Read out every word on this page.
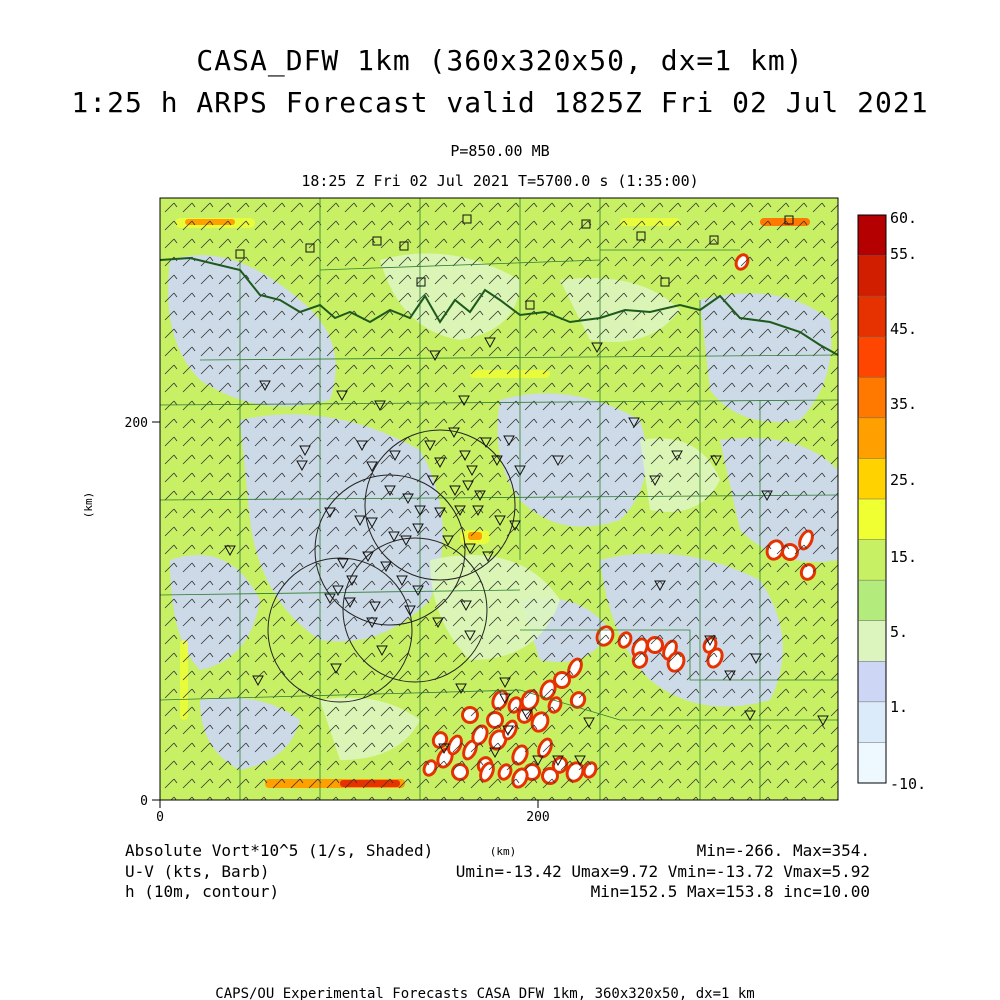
CASA_DFW 1km (360x320x50, dx=1 km)
1:25 h ARPS Forecast valid 1825Z Fri 02 Jul 2021
P=850.00 MB
18:25 Z Fri 02 Jul 2021 T=5700.0 s (1:35:00)
0	200
0
200
(km)
60.
55.
45.
35.
25.
15.
5.
1.
-10.
Absolute Vort*10^5 (1/s, Shaded)
U-V (kts, Barb)
h (10m, contour)
(km)	Min=-266. Max=354.
Umin=-13.42 Umax=9.72 Vmin=-13.72 Vmax=5.92
Min=152.5 Max=153.8 inc=10.00
CAPS/OU Experimental Forecasts CASA DFW 1km, 360x320x50, dx=1 km
